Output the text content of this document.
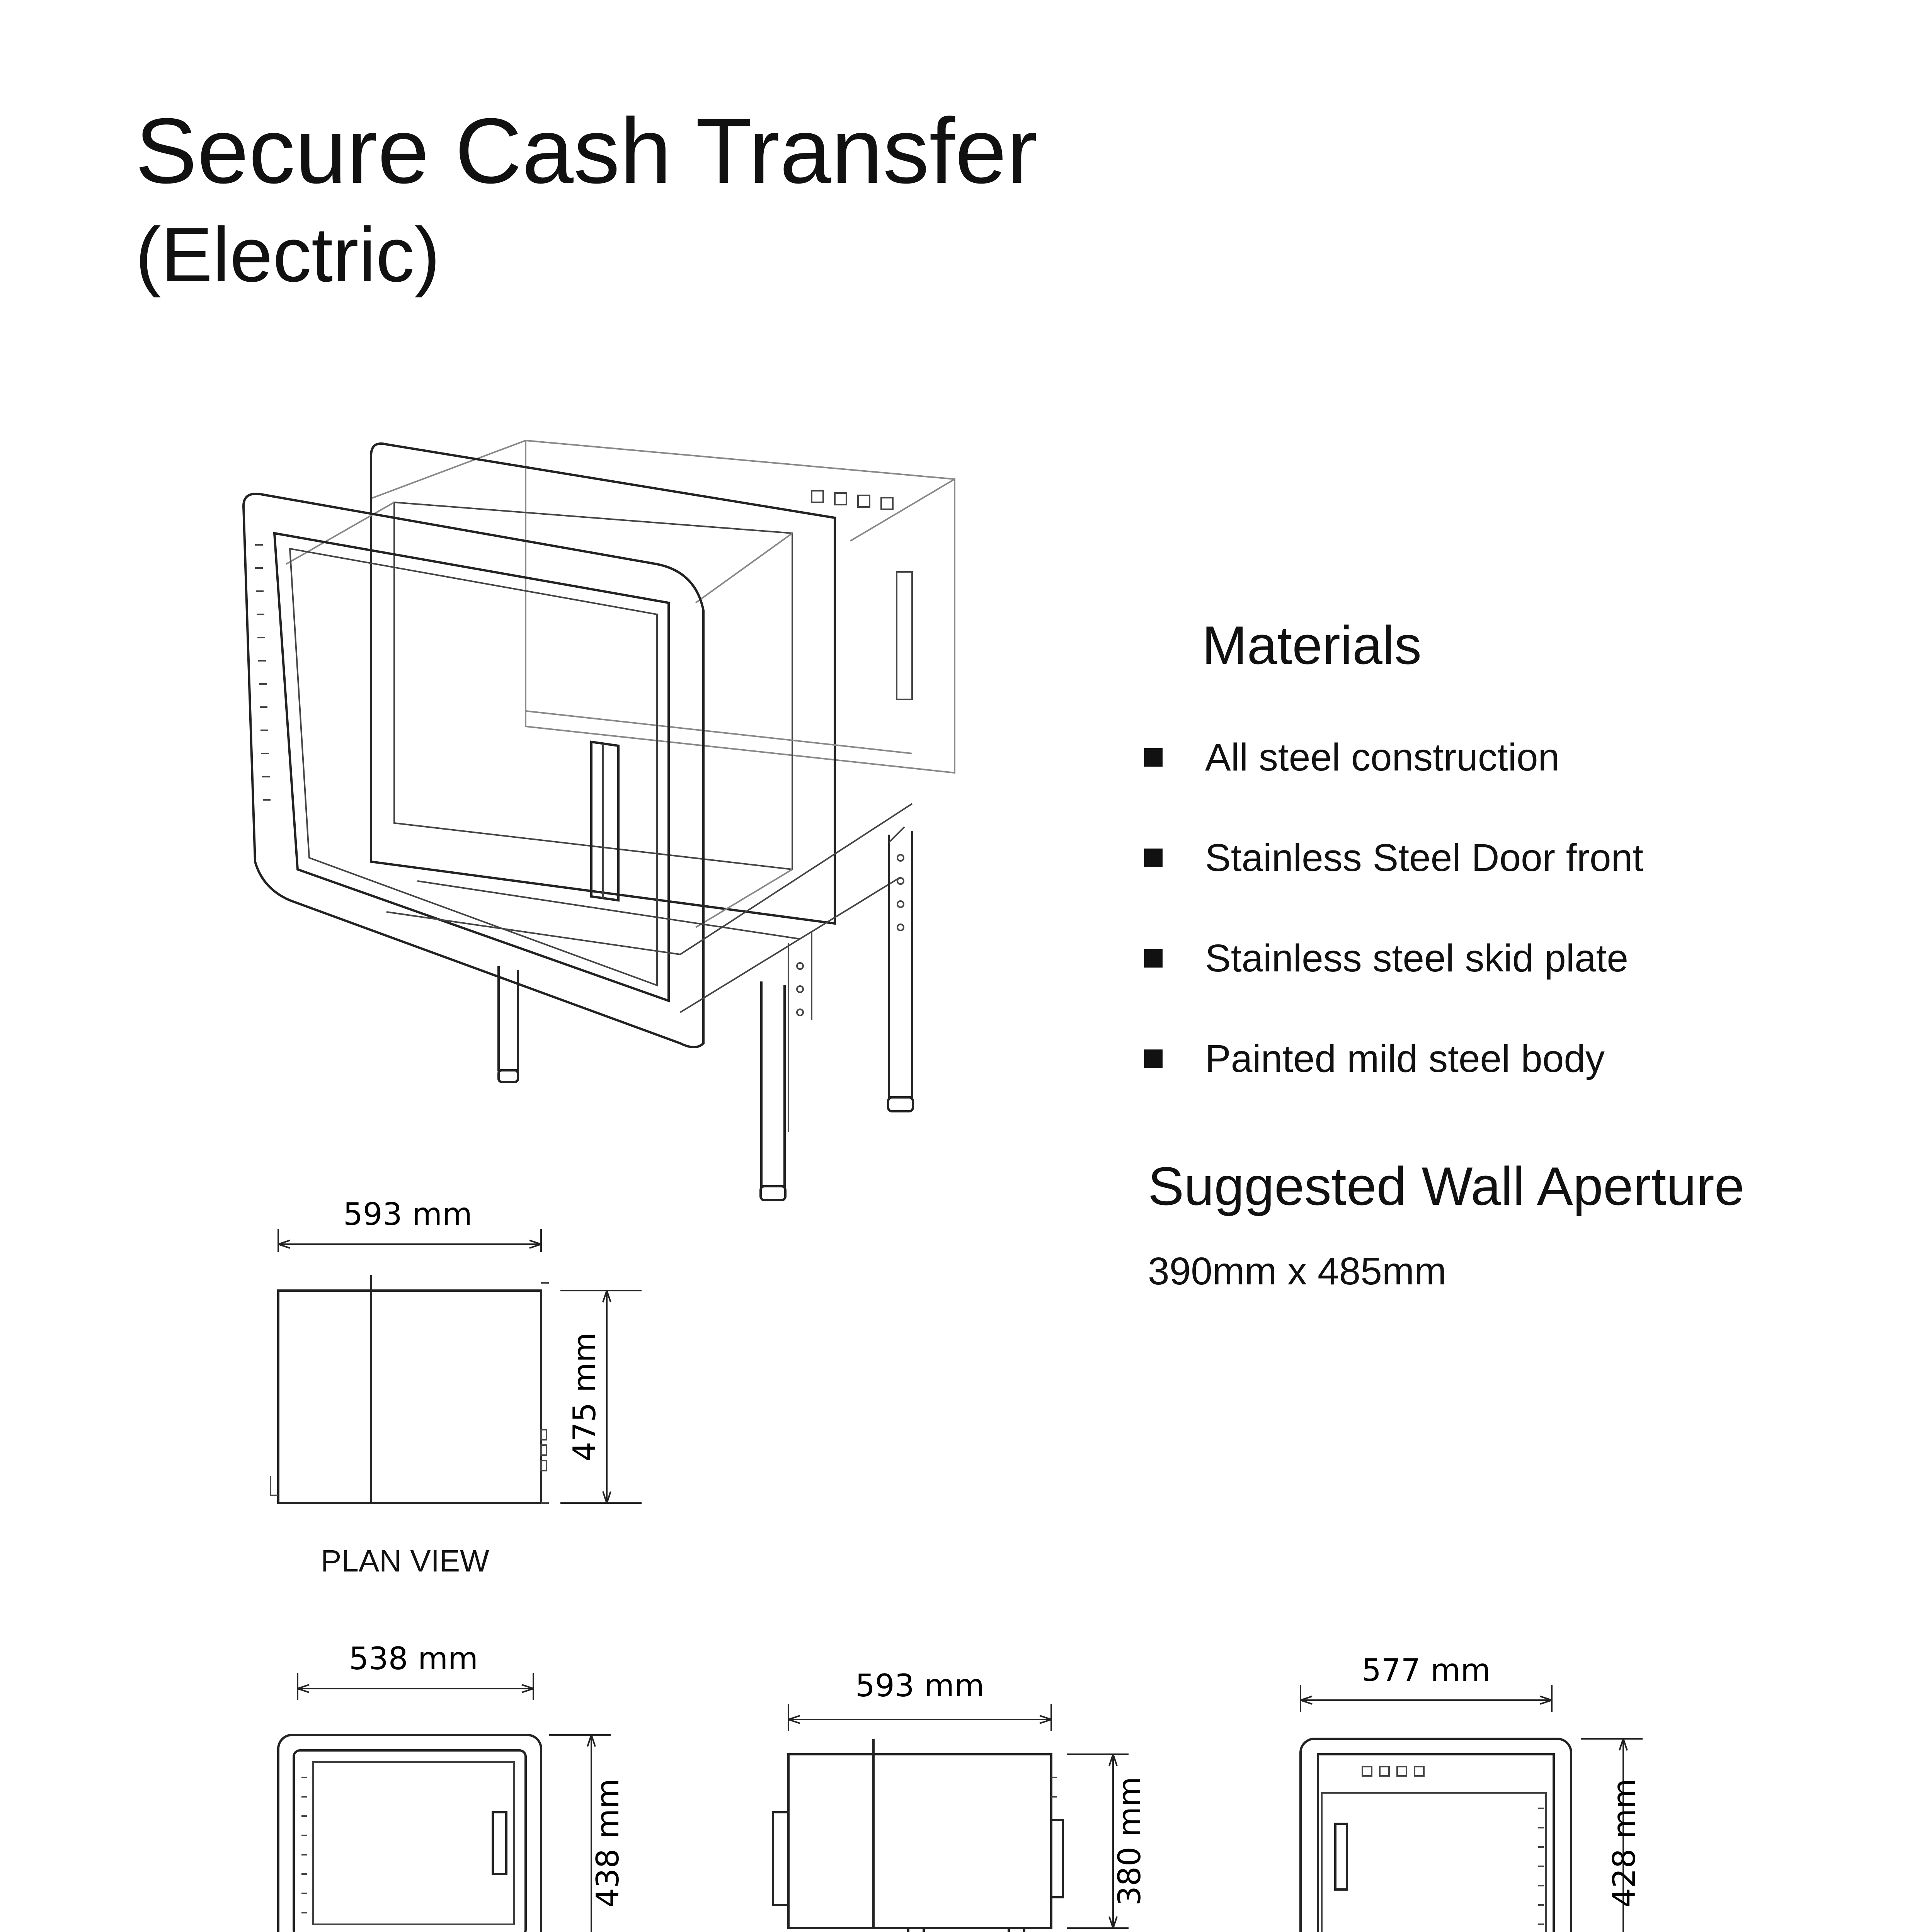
Secure Cash Transfer
(Electric)
Materials
All steel construction
Stainless Steel Door front
Stainless steel skid plate
Painted mild steel body
Suggested Wall Aperture
390mm x 485mm
593 mm
475 mm
PLAN VIEW
538 mm
438 mm
593 mm
380 mm
577 mm
428 mm
